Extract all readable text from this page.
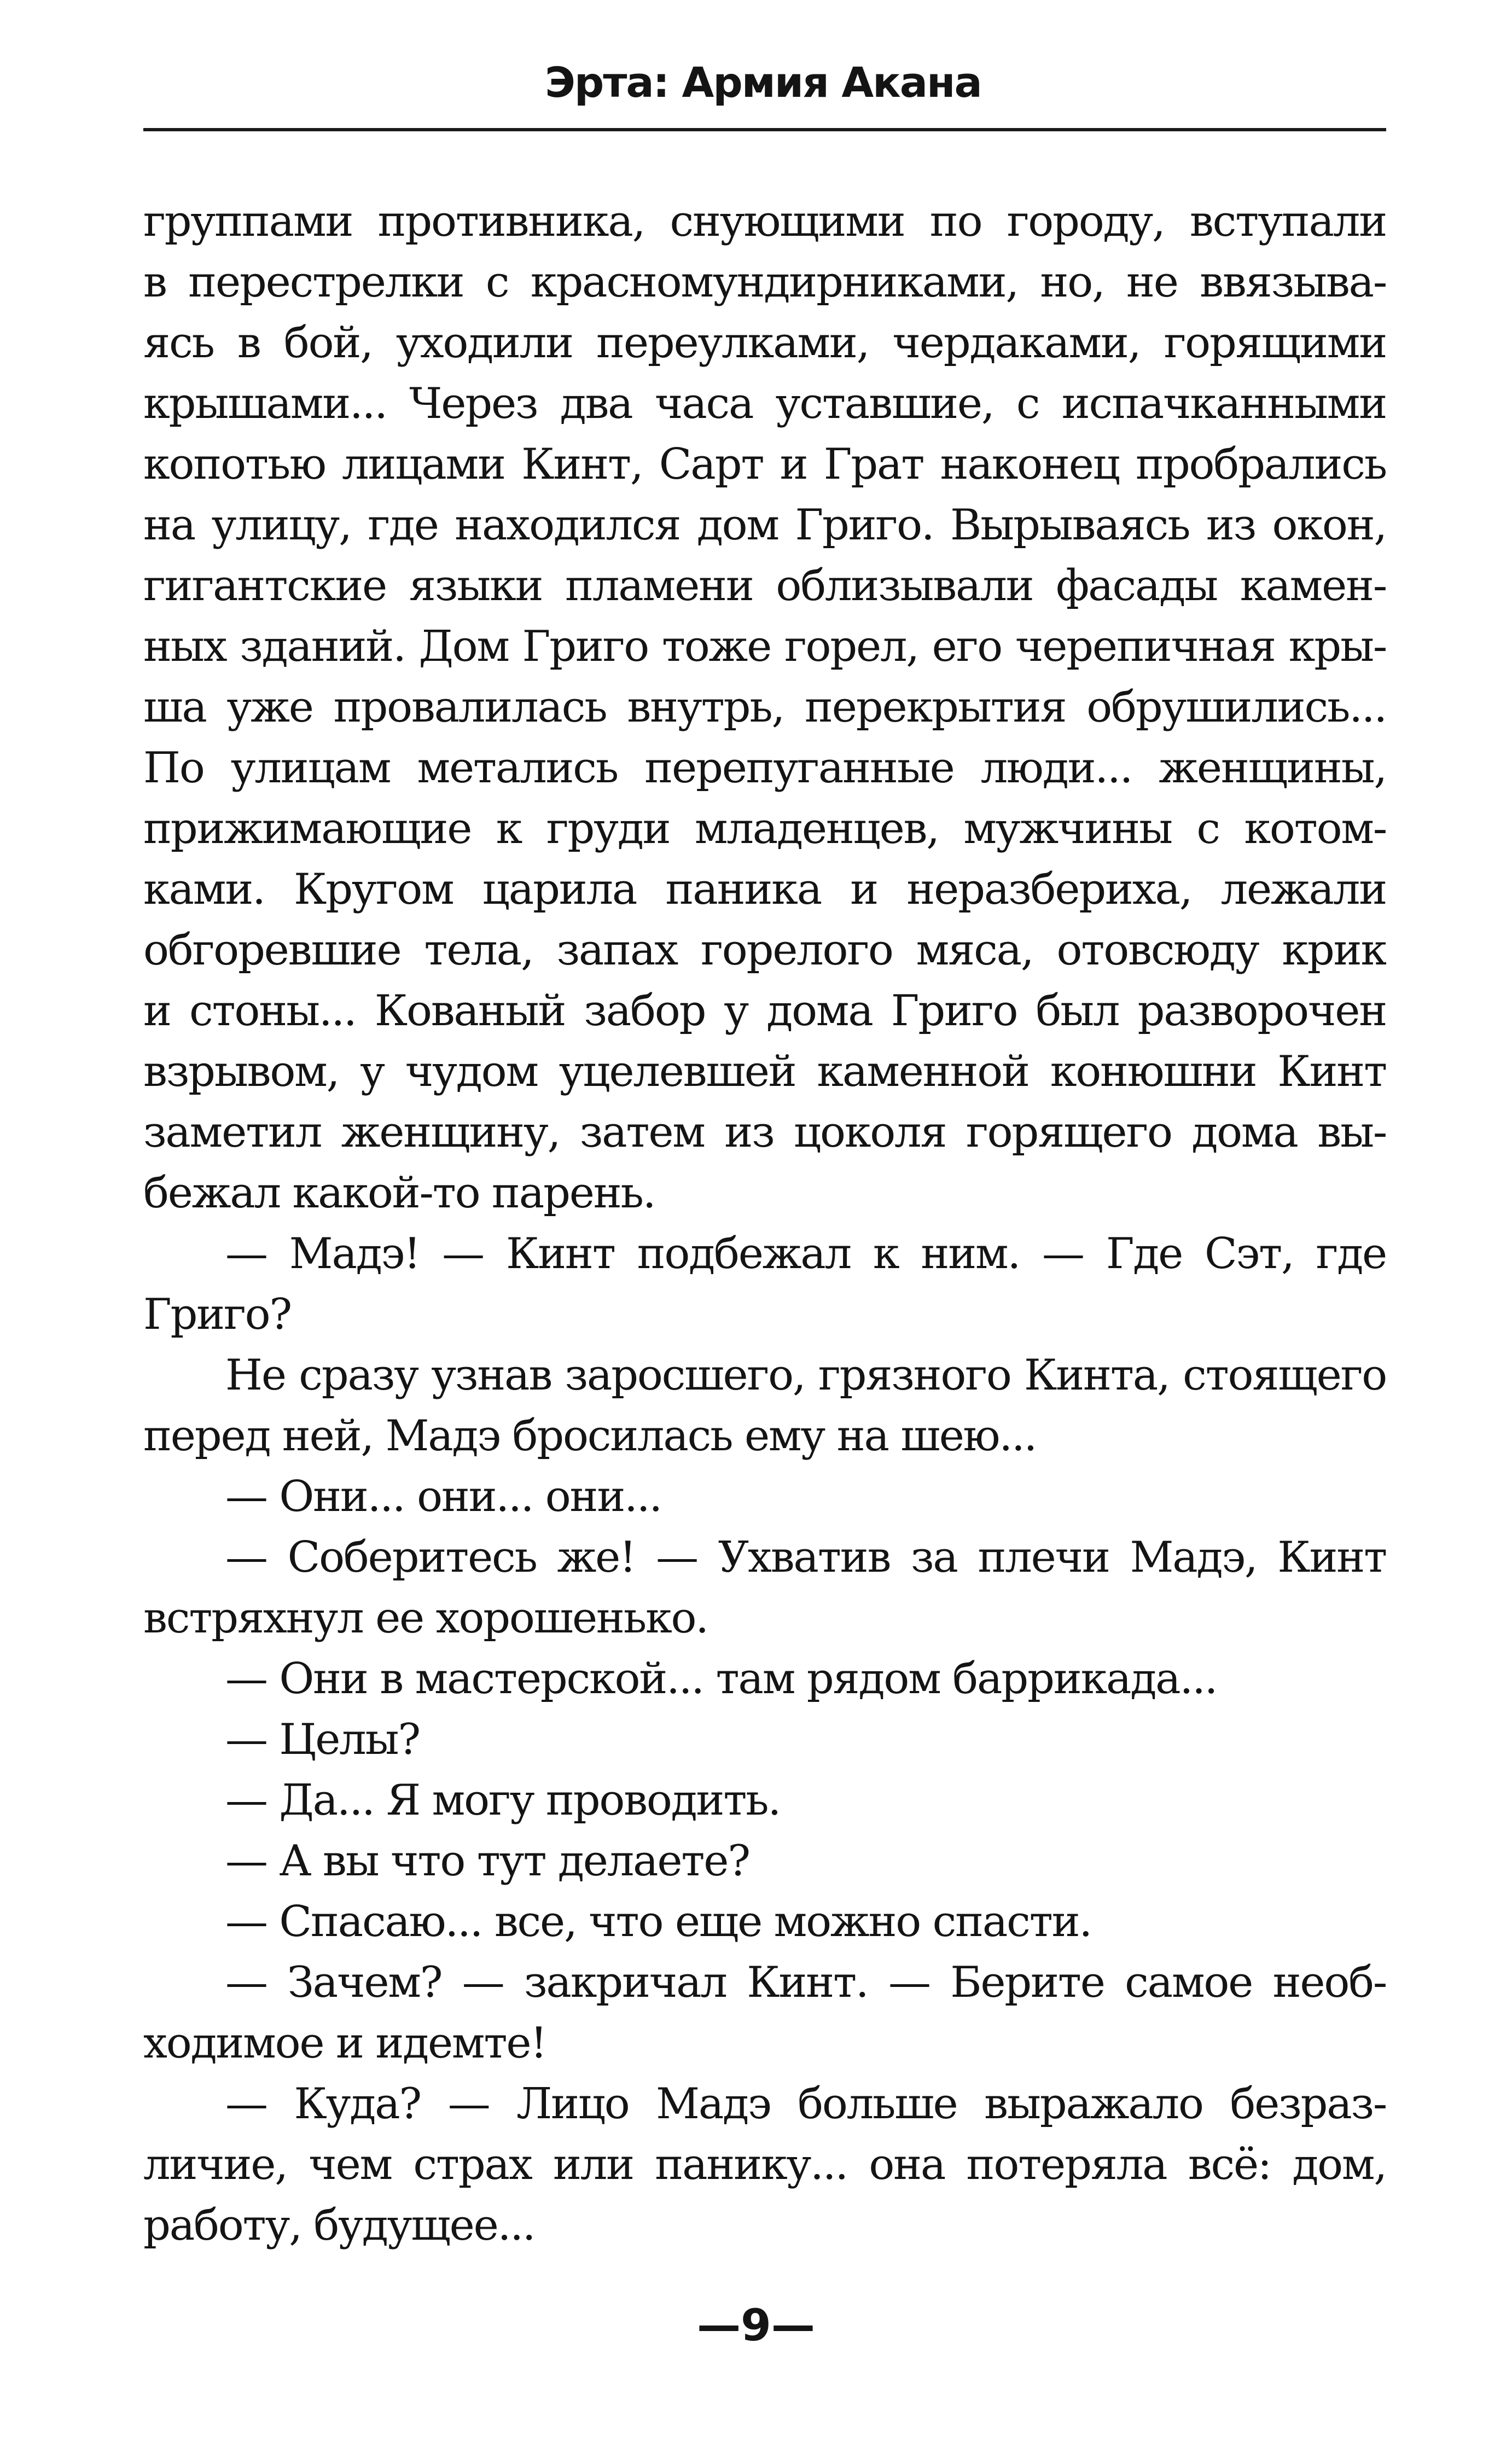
Эрта: Армия Акана
группами противника, снующими по городу, вступали
в перестрелки с красномундирниками, но, не ввязыва-
ясь в бой, уходили переулками, чердаками, горящими
крышами... Через два часа уставшие, с испачканными
копотью лицами Кинт, Сарт и Грат наконец пробрались
на улицу, где находился дом Григо. Вырываясь из окон,
гигантские языки пламени облизывали фасады камен-
ных зданий. Дом Григо тоже горел, его черепичная кры-
ша уже провалилась внутрь, перекрытия обрушились...
По улицам метались перепуганные люди... женщины,
прижимающие к груди младенцев, мужчины с котом-
ками. Кругом царила паника и неразбериха, лежали
обгоревшие тела, запах горелого мяса, отовсюду крик
и стоны... Кованый забор у дома Григо был разворочен
взрывом, у чудом уцелевшей каменной конюшни Кинт
заметил женщину, затем из цоколя горящего дома вы-
бежал какой-то парень.
— Мадэ! — Кинт подбежал к ним. — Где Сэт, где
Григо?
Не сразу узнав заросшего, грязного Кинта, стоящего
перед ней, Мадэ бросилась ему на шею...
— Они... они... они...
— Соберитесь же! — Ухватив за плечи Мадэ, Кинт
встряхнул ее хорошенько.
— Они в мастерской... там рядом баррикада...
— Целы?
— Да... Я могу проводить.
— А вы что тут делаете?
— Спасаю... все, что еще можно спасти.
— Зачем? — закричал Кинт. — Берите самое необ-
ходимое и идемте!
— Куда? — Лицо Мадэ больше выражало безраз-
личие, чем страх или панику... она потеряла всё: дом,
работу, будущее...
—9—
